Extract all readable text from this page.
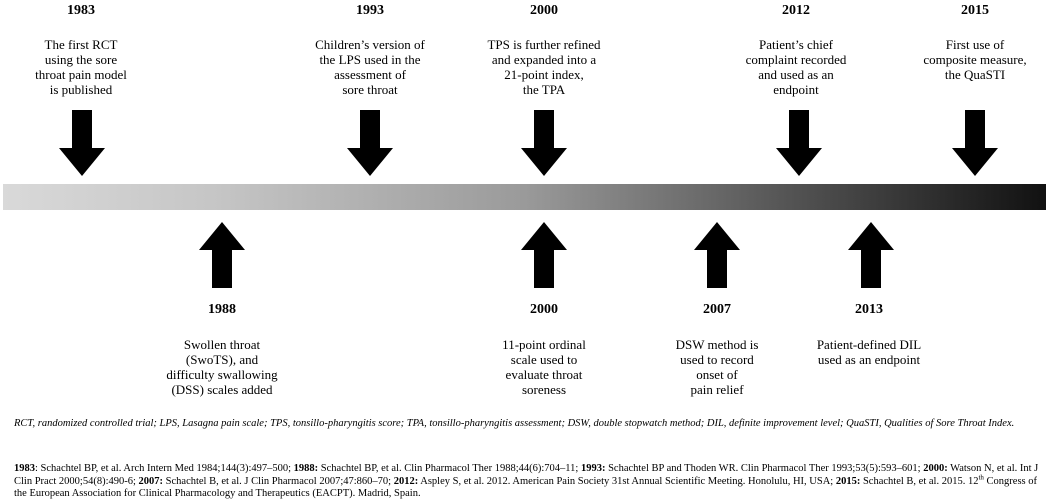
1983
The first RCT
using the sore
throat pain model
is published
1993
Children’s version of
the LPS used in the
assessment of
sore throat
2000
TPS is further refined
and expanded into a
21-point index,
the TPA
2012
Patient’s chief
complaint recorded
and used as an
endpoint
2015
First use of
composite measure,
the QuaSTI
1988
Swollen throat
(SwoTS), and
difficulty swallowing
(DSS) scales added
2000
11-point ordinal
scale used to
evaluate throat
soreness
2007
DSW method is
used to record
onset of
pain relief
2013
Patient-defined DIL
used as an endpoint
RCT, randomized controlled trial; LPS, Lasagna pain scale; TPS, tonsillo-pharyngitis score; TPA, tonsillo-pharyngitis assessment; DSW, double stopwatch method; DIL, definite improvement level; QuaSTI, Qualities of Sore Throat Index.
1983: Schachtel BP, et al. Arch Intern Med 1984;144(3):497–500; 1988: Schachtel BP, et al. Clin Pharmacol Ther 1988;44(6):704–11; 1993: Schachtel BP and Thoden WR. Clin Pharmacol Ther 1993;53(5):593–601; 2000: Watson N, et al. Int J Clin Pract 2000;54(8):490-6; 2007: Schachtel B, et al. J Clin Pharmacol 2007;47:860–70; 2012: Aspley S, et al. 2012. American Pain Society 31st Annual Scientific Meeting. Honolulu, HI, USA; 2015: Schachtel B, et al. 2015. 12th Congress of the European Association for Clinical Pharmacology and Therapeutics (EACPT). Madrid, Spain.
